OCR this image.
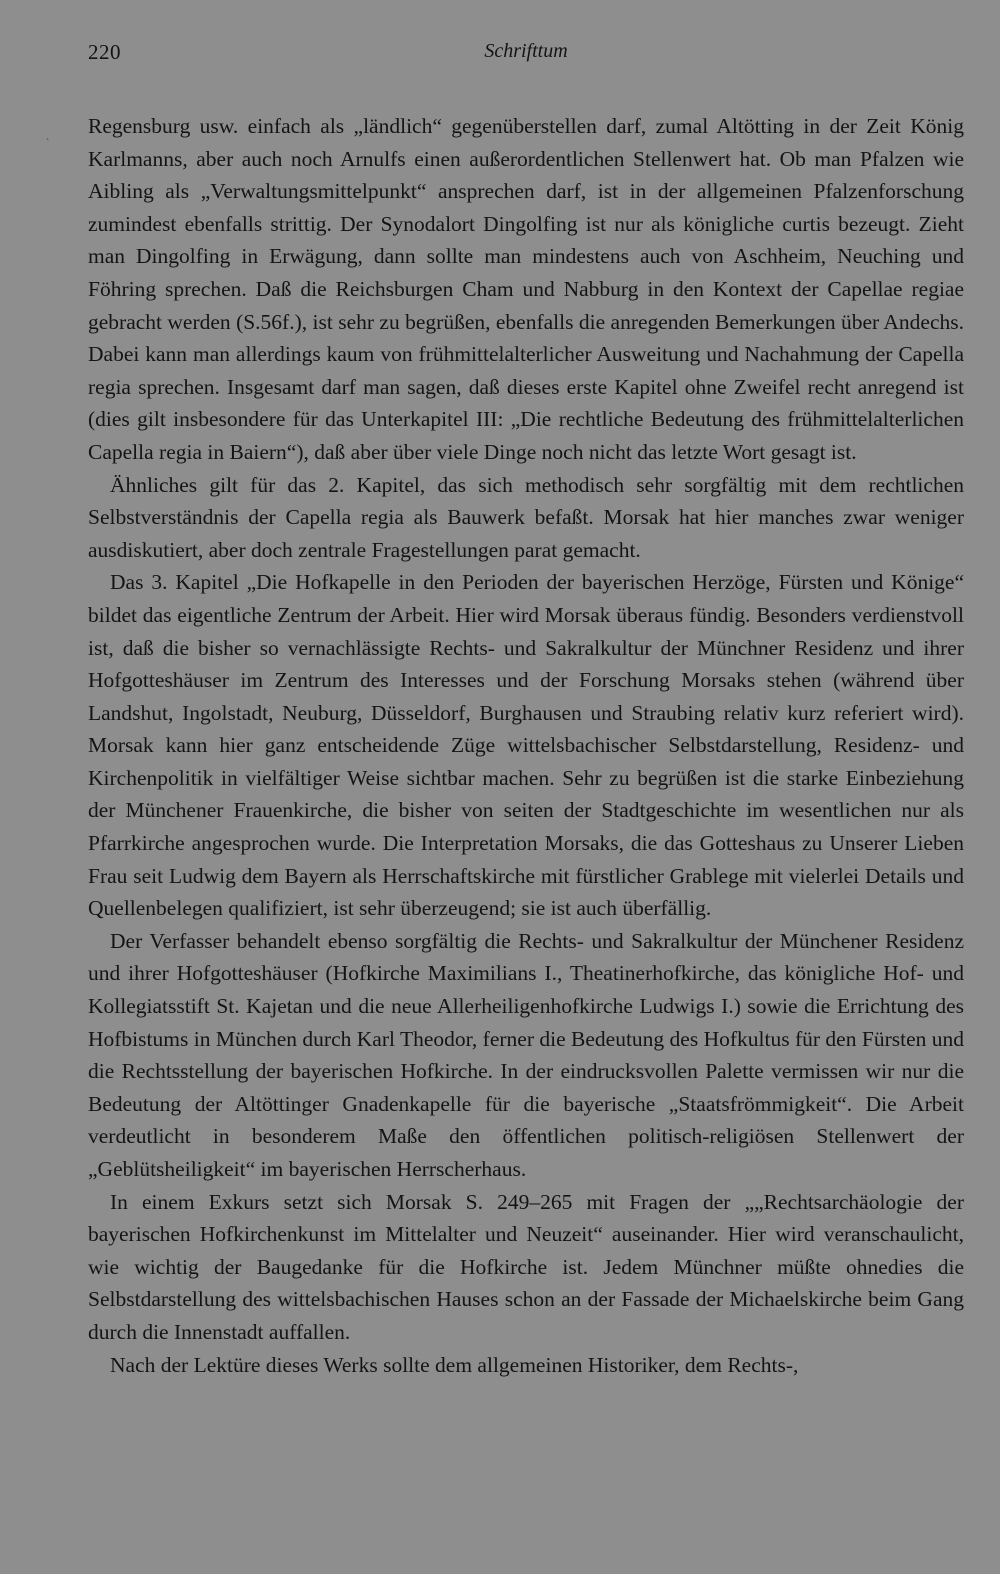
220	Schrifttum
`

Regensburg usw. einfach als „ländlich“ gegenüberstellen darf, zumal Altötting in der Zeit König Karlmanns, aber auch noch Arnulfs einen außerordentlichen Stellenwert hat. Ob man Pfalzen wie Aibling als „Verwaltungsmittelpunkt“ ansprechen darf, ist in der allgemeinen Pfalzenforschung zumindest ebenfalls strittig. Der Synodalort Dingolfing ist nur als königliche curtis bezeugt. Zieht man Dingolfing in Erwägung, dann sollte man mindestens auch von Aschheim, Neuching und Föhring sprechen. Daß die Reichsburgen Cham und Nabburg in den Kontext der Capellae regiae gebracht werden (S.56f.), ist sehr zu begrüßen, ebenfalls die anregenden Bemerkungen über Andechs. Dabei kann man allerdings kaum von frühmittelalterlicher Ausweitung und Nachahmung der Capella regia sprechen. Insgesamt darf man sagen, daß dieses erste Kapitel ohne Zweifel recht anregend ist (dies gilt insbesondere für das Unterkapitel III: „Die rechtliche Bedeutung des frühmittelalterlichen Capella regia in Baiern“), daß aber über viele Dinge noch nicht das letzte Wort gesagt ist.

Ähnliches gilt für das 2. Kapitel, das sich methodisch sehr sorgfältig mit dem rechtlichen Selbstverständnis der Capella regia als Bauwerk befaßt. Morsak hat hier manches zwar weniger ausdiskutiert, aber doch zentrale Fragestellungen parat gemacht.

Das 3. Kapitel „Die Hofkapelle in den Perioden der bayerischen Herzöge, Fürsten und Könige“ bildet das eigentliche Zentrum der Arbeit. Hier wird Morsak überaus fündig. Besonders verdienstvoll ist, daß die bisher so vernachlässigte Rechts- und Sakralkultur der Münchner Residenz und ihrer Hofgotteshäuser im Zentrum des Interesses und der Forschung Morsaks stehen (während über Landshut, Ingolstadt, Neuburg, Düsseldorf, Burghausen und Straubing relativ kurz referiert wird). Morsak kann hier ganz entscheidende Züge wittelsbachischer Selbstdarstellung, Residenz- und Kirchenpolitik in vielfältiger Weise sichtbar machen. Sehr zu begrüßen ist die starke Einbeziehung der Münchener Frauenkirche, die bisher von seiten der Stadtgeschichte im wesentlichen nur als Pfarrkirche angesprochen wurde. Die Interpretation Morsaks, die das Gotteshaus zu Unserer Lieben Frau seit Ludwig dem Bayern als Herrschaftskirche mit fürstlicher Grablege mit vielerlei Details und Quellenbelegen qualifiziert, ist sehr überzeugend; sie ist auch überfällig.

Der Verfasser behandelt ebenso sorgfältig die Rechts- und Sakralkultur der Münchener Residenz und ihrer Hofgotteshäuser (Hofkirche Maximilians I., Theatinerhofkirche, das königliche Hof- und Kollegiatsstift St. Kajetan und die neue Allerheiligenhofkirche Ludwigs I.) sowie die Errichtung des Hofbistums in München durch Karl Theodor, ferner die Bedeutung des Hofkultus für den Fürsten und die Rechtsstellung der bayerischen Hofkirche. In der eindrucksvollen Palette vermissen wir nur die Bedeutung der Altöttinger Gnadenkapelle für die bayerische „Staatsfrömmigkeit“. Die Arbeit verdeutlicht in besonderem Maße den öffentlichen politisch-religiösen Stellenwert der „Geblütsheiligkeit“ im bayerischen Herrscherhaus.

In einem Exkurs setzt sich Morsak S. 249–265 mit Fragen der „„Rechtsarchäologie der bayerischen Hofkirchenkunst im Mittelalter und Neuzeit“ auseinander. Hier wird veranschaulicht, wie wichtig der Baugedanke für die Hofkirche ist. Jedem Münchner müßte ohnedies die Selbstdarstellung des wittelsbachischen Hauses schon an der Fassade der Michaelskirche beim Gang durch die Innenstadt auffallen.

Nach der Lektüre dieses Werks sollte dem allgemeinen Historiker, dem Rechts-,
